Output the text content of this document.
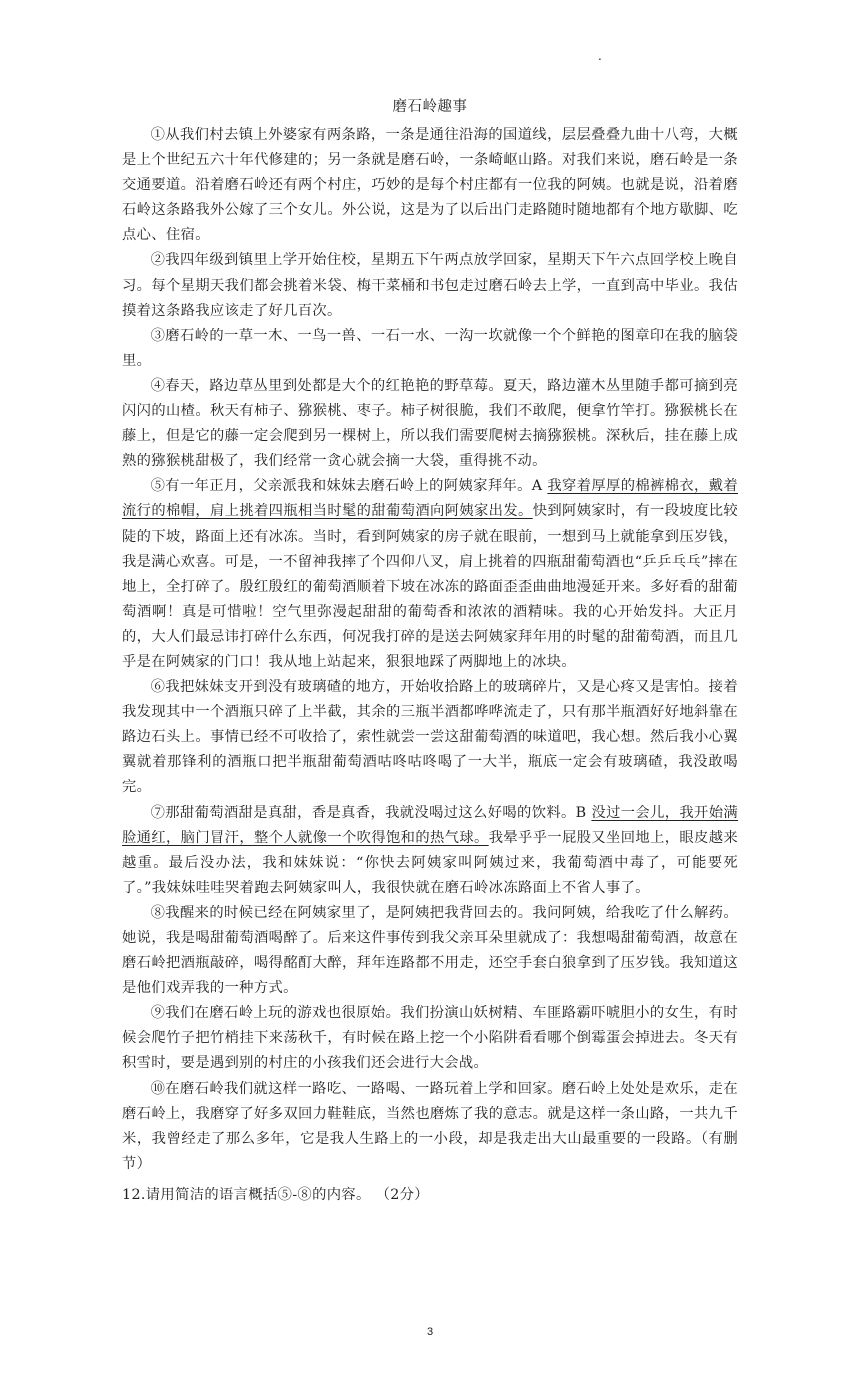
.
磨石岭趣事

①从我们村去镇上外婆家有两条路，一条是通往沿海的国道线，层层叠叠九曲十八弯，大概是上个世纪五六十年代修建的；另一条就是磨石岭，一条崎岖山路。对我们来说，磨石岭是一条交通要道。沿着磨石岭还有两个村庄，巧妙的是每个村庄都有一位我的阿姨。也就是说，沿着磨石岭这条路我外公嫁了三个女儿。外公说，这是为了以后出门走路随时随地都有个地方歇脚、吃点心、住宿。

②我四年级到镇里上学开始住校，星期五下午两点放学回家，星期天下午六点回学校上晚自习。每个星期天我们都会挑着米袋、梅干菜桶和书包走过磨石岭去上学，一直到高中毕业。我估摸着这条路我应该走了好几百次。

③磨石岭的一草一木、一鸟一兽、一石一水、一沟一坎就像一个个鲜艳的图章印在我的脑袋里。

④春天，路边草丛里到处都是大个的红艳艳的野草莓。夏天，路边灌木丛里随手都可摘到亮闪闪的山楂。秋天有柿子、猕猴桃、枣子。柿子树很脆，我们不敢爬，便拿竹竿打。猕猴桃长在藤上，但是它的藤一定会爬到另一棵树上，所以我们需要爬树去摘猕猴桃。深秋后，挂在藤上成熟的猕猴桃甜极了，我们经常一贪心就会摘一大袋，重得挑不动。

⑤有一年正月，父亲派我和妹妹去磨石岭上的阿姨家拜年。A 我穿着厚厚的棉裤棉衣，戴着流行的棉帽，肩上挑着四瓶相当时髦的甜葡萄酒向阿姨家出发。快到阿姨家时，有一段坡度比较陡的下坡，路面上还有冰冻。当时，看到阿姨家的房子就在眼前，一想到马上就能拿到压岁钱，我是满心欢喜。可是，一不留神我摔了个四仰八叉，肩上挑着的四瓶甜葡萄酒也“乒乒乓乓”摔在地上，全打碎了。殷红殷红的葡萄酒顺着下坡在冰冻的路面歪歪曲曲地漫延开来。多好看的甜葡萄酒啊！真是可惜啦！空气里弥漫起甜甜的葡萄香和浓浓的酒精味。我的心开始发抖。大正月的，大人们最忌讳打碎什么东西，何况我打碎的是送去阿姨家拜年用的时髦的甜葡萄酒，而且几乎是在阿姨家的门口！我从地上站起来，狠狠地踩了两脚地上的冰块。

⑥我把妹妹支开到没有玻璃碴的地方，开始收拾路上的玻璃碎片，又是心疼又是害怕。接着我发现其中一个酒瓶只碎了上半截，其余的三瓶半酒都哗哗流走了，只有那半瓶酒好好地斜靠在路边石头上。事情已经不可收拾了，索性就尝一尝这甜葡萄酒的味道吧，我心想。然后我小心翼翼就着那锋利的酒瓶口把半瓶甜葡萄酒咕咚咕咚喝了一大半，瓶底一定会有玻璃碴，我没敢喝完。

⑦那甜葡萄酒甜是真甜，香是真香，我就没喝过这么好喝的饮料。B 没过一会儿，我开始满脸通红，脑门冒汗，整个人就像一个吹得饱和的热气球。我晕乎乎一屁股又坐回地上，眼皮越来越重。最后没办法，我和妹妹说：“你快去阿姨家叫阿姨过来，我葡萄酒中毒了，可能要死了。”我妹妹哇哇哭着跑去阿姨家叫人，我很快就在磨石岭冰冻路面上不省人事了。

⑧我醒来的时候已经在阿姨家里了，是阿姨把我背回去的。我问阿姨，给我吃了什么解药。她说，我是喝甜葡萄酒喝醉了。后来这件事传到我父亲耳朵里就成了：我想喝甜葡萄酒，故意在磨石岭把酒瓶敲碎，喝得酩酊大醉，拜年连路都不用走，还空手套白狼拿到了压岁钱。我知道这是他们戏弄我的一种方式。

⑨我们在磨石岭上玩的游戏也很原始。我们扮演山妖树精、车匪路霸吓唬胆小的女生，有时候会爬竹子把竹梢挂下来荡秋千，有时候在路上挖一个小陷阱看看哪个倒霉蛋会掉进去。冬天有积雪时，要是遇到别的村庄的小孩我们还会进行大会战。

⑩在磨石岭我们就这样一路吃、一路喝、一路玩着上学和回家。磨石岭上处处是欢乐，走在磨石岭上，我磨穿了好多双回力鞋鞋底，当然也磨炼了我的意志。就是这样一条山路，一共九千米，我曾经走了那么多年，它是我人生路上的一小段，却是我走出大山最重要的一段路。（有删节）

12.请用简洁的语言概括⑤-⑧的内容。 （2分）
3
